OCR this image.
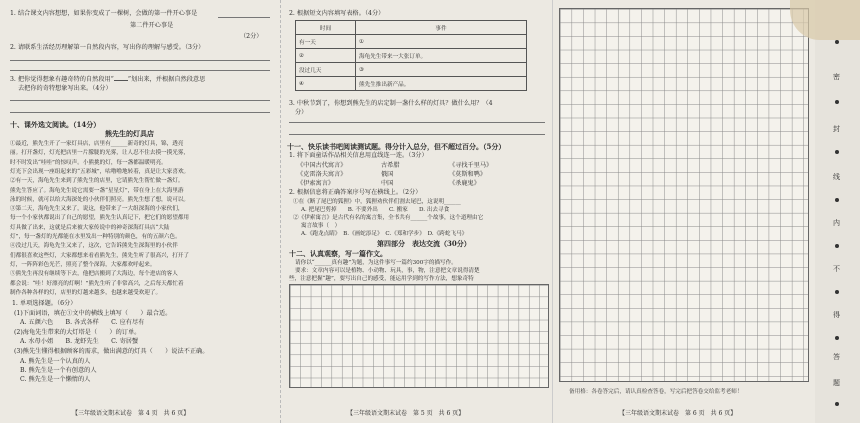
1. 结合课文内容想想，如果你变成了一棵树，会做的第一件开心事是
第二件开心事是
（2分）
2. 请联系生活经历理解第一自然段内容，写出你的理解与感受。（3分）
3. 把你觉得想象有趣奇特的自然段用“ ”划出来，并根据自然段意思
去把你的奇特想象写出来。（4分）
十、课外选文阅读。（14分）
熊先生的灯具店
①最近，熊先生开了一家灯具店，店里有______新奇的灯具，锦，透亮
丽。打开盏灯，灯光把店里一片朦胧的光雾，让人忍不住去摸一摸光雾，
时不时发出“哇哇”的惊叹声。小熊挑的灯，每一盏都温暖明亮。
灯光下会出现一座组起来的“五彩城”，咕噜噜地转着，真是让大家喜欢。
②有一天，海龟先生来到了熊先生的店里，它请熊先生帮忙做一盏灯。
熊先生答应了。海龟先生说它需要一盏“星星灯”，带在身上在大海里游
泳的时候，就可以给大海深处的小伙伴们照亮。熊先生想了想，说可以。
③第二天，海龟先生又来了，说这，他带来了一大组深海的小家伙们，
每一个小家伙都说出了自己的愿望，熊先生认真记下，把它们的愿望都用
灯具做了出来，这就是后来被大家传说中的神奇深海灯具店“大陆
灯”，每一盏灯的光都能在水里发出一种特别的颜色，有的五颜六色。
④没过几天，海龟先生又来了，这次，它告诉熊先生深海里的小伙伴
们都很喜欢这些灯，大家都想来看看熊先生，熊先生听了很高兴，打开了
灯，一阵阵彩色光芒，照亮了整个深海，大家都欢呼起来。
⑤熊先生再没有继续等下去，他把店搬到了大海边，每个进店的客人
都会说：“哇！好漂亮的灯啊！”熊先生听了非常高兴，之后每天都忙着
制作各种各样的灯，店里的灯越来越多，也越来越受欢迎了。
1. 单项选择题。（6分）
(1)下面词语，填在①文中的横线上填写（　　）最合适。
A. 五颜六色　　B. 各式各样　　C. 应有尽有
(2)海龟先生带来的大灯塔是（　　）的订单。
A. 水母小姐　　B. 龙虾先生　　C. 寄居蟹
(3)熊先生懂得根据顾客的需求，做出满意的灯具（　　）说法不正确。
A. 熊先生是一个认真的人
B. 熊先生是一个有创意的人
C. 熊先生是一个懒惰的人
【三年级语文期末试卷　第 4 页　共 6 页】
2. 根据短文内容填写表格。（4分）
时间	事件
有一天	①
②	海龟先生带来一大张订单。
没过几天	③
④	熊先生推出新产品。
3. 中秋节到了，你想到熊先生的店定制一盏什么样的灯具？做什么用？（4
分）
十一、快乐读书吧阅读测试题。得分计入总分，但不超过百分。（5分）
1. 将下面童话作品相关信息用直线连一连。（3分）
《中国古代寓言》	古希腊	《寻找千里马》
《克雷洛夫寓言》	俄国	《莫斯和鸭》
《伊索寓言》	中国	《杀鹿鬼》
2. 根据信息将正确答案序号写在横线上。（2分）
①在《断了尾巴的狐狸》中，狐狸劝伙伴们割去尾巴，这说明______
A. 把尾巴剪掉　　B. 不要外出　　C. 搬家　　D. 出去寻食
②《伊索寓言》是古代有名的寓言集，全书共有______个故事，这个道理由它
寓言故事（　）
A.《跑龙点睛》　B.《画蛇添足》　C.《郑和学步》　D.《跨蛇飞马》
第四部分　表达交流（30分）
十二、认真观察，写一篇作文。
请你以“______真有趣”为题，为这件事写一篇约300字的描写作。
要求：文章内容可以是植物、小动物、玩具，事，物，注意把文章说得清楚
些，注意把握“趣”，要写出自己的感受，能运用学到的写作方法，想象奇特
【三年级语文期末试卷　第 5 页　共 6 页】
备用格：各卷答完后，请认真检查答卷，写完后把答卷交给监考老师！
【三年级语文期末试卷　第 6 页　共 6 页】
密
封
线
内
不
得
答
题
